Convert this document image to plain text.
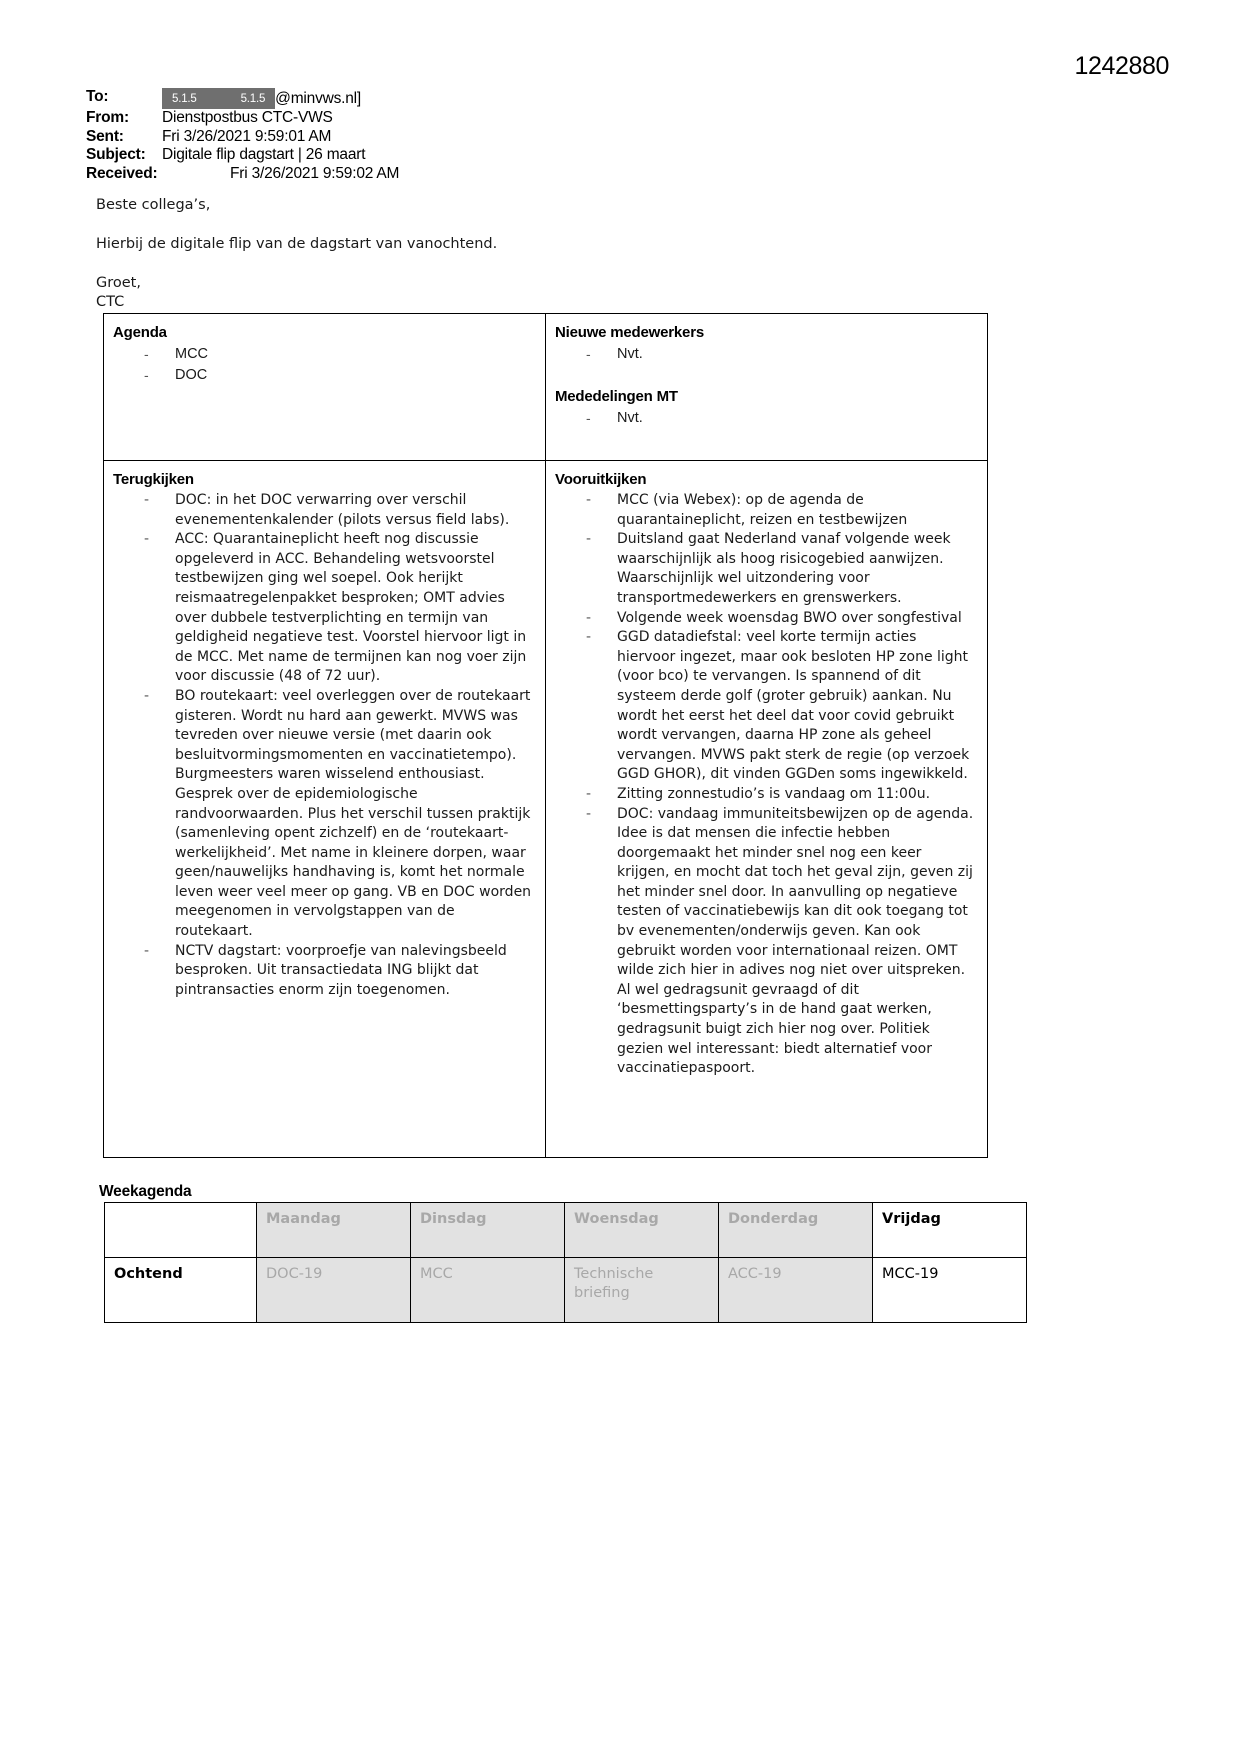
1242880
To:	5.1.5	5.1.5 @minvws.nl]
From:	Dienstpostbus CTC-VWS
Sent:	Fri 3/26/2021 9:59:01 AM
Subject:	Digitale flip dagstart | 26 maart
Received:	Fri 3/26/2021 9:59:02 AM

Beste collega’s,

Hierbij de digitale flip van de dagstart van vanochtend.

Groet,

CTC

Agenda
- MCC
- DOC

Nieuwe medewerkers
- Nvt.
Mededelingen MT
- Nvt.

Terugkijken
- DOC: in het DOC verwarring over verschil evenementenkalender (pilots versus field labs).
- ACC: Quarantaineplicht heeft nog discussie opgeleverd in ACC. Behandeling wetsvoorstel testbewijzen ging wel soepel. Ook herijkt reismaatregelenpakket besproken; OMT advies over dubbele testverplichting en termijn van geldigheid negatieve test. Voorstel hiervoor ligt in de MCC. Met name de termijnen kan nog voer zijn voor discussie (48 of 72 uur).
- BO routekaart: veel overleggen over de routekaart gisteren. Wordt nu hard aan gewerkt. MVWS was tevreden over nieuwe versie (met daarin ook besluitvormingsmomenten en vaccinatietempo). Burgmeesters waren wisselend enthousiast. Gesprek over de epidemiologische randvoorwaarden. Plus het verschil tussen praktijk (samenleving opent zichzelf) en de ‘routekaart-werkelijkheid’. Met name in kleinere dorpen, waar geen/nauwelijks handhaving is, komt het normale leven weer veel meer op gang. VB en DOC worden meegenomen in vervolgstappen van de routekaart.
- NCTV dagstart: voorproefje van nalevingsbeeld besproken. Uit transactiedata ING blijkt dat pintransacties enorm zijn toegenomen.

Vooruitkijken
- MCC (via Webex): op de agenda de quarantaineplicht, reizen en testbewijzen
- Duitsland gaat Nederland vanaf volgende week waarschijnlijk als hoog risicogebied aanwijzen. Waarschijnlijk wel uitzondering voor transportmedewerkers en grenswerkers.
- Volgende week woensdag BWO over songfestival
- GGD datadiefstal: veel korte termijn acties hiervoor ingezet, maar ook besloten HP zone light (voor bco) te vervangen. Is spannend of dit systeem derde golf (groter gebruik) aankan. Nu wordt het eerst het deel dat voor covid gebruikt wordt vervangen, daarna HP zone als geheel vervangen. MVWS pakt sterk de regie (op verzoek GGD GHOR), dit vinden GGDen soms ingewikkeld.
- Zitting zonnestudio’s is vandaag om 11:00u.
- DOC: vandaag immuniteitsbewijzen op de agenda. Idee is dat mensen die infectie hebben doorgemaakt het minder snel nog een keer krijgen, en mocht dat toch het geval zijn, geven zij het minder snel door. In aanvulling op negatieve testen of vaccinatiebewijs kan dit ook toegang tot bv evenementen/onderwijs geven. Kan ook gebruikt worden voor internationaal reizen. OMT wilde zich hier in adives nog niet over uitspreken. Al wel gedragsunit gevraagd of dit ‘besmettingsparty’s in de hand gaat werken, gedragsunit buigt zich hier nog over. Politiek gezien wel interessant: biedt alternatief voor vaccinatiepaspoort.
Weekagenda
	Maandag	Dinsdag	Woensdag	Donderdag	Vrijdag
Ochtend	DOC-19	MCC	Technische briefing	ACC-19	MCC-19
